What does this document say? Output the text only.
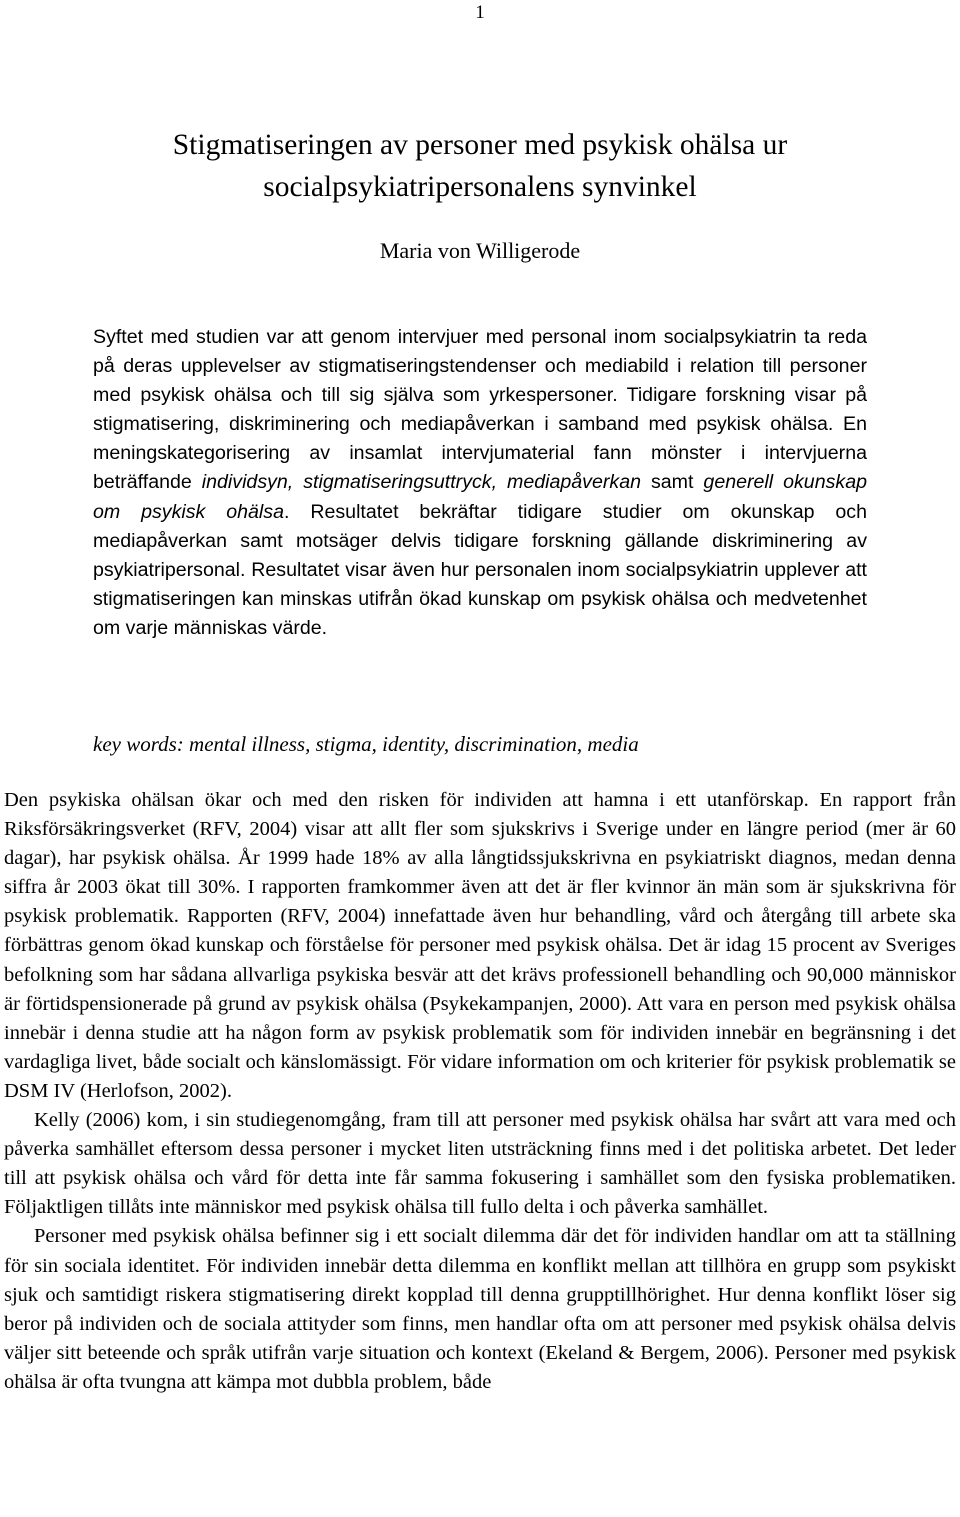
1
Stigmatiseringen av personer med psykisk ohälsa ur
socialpsykiatripersonalens synvinkel
Maria von Willigerode

Syftet med studien var att genom intervjuer med personal inom socialpsykiatrin ta reda på deras upplevelser av stigmatiseringstendenser och mediabild i relation till personer med psykisk ohälsa och till sig själva som yrkespersoner. Tidigare forskning visar på stigmatisering, diskriminering och mediapåverkan i samband med psykisk ohälsa. En meningskategorisering av insamlat intervjumaterial fann mönster i intervjuerna beträffande individsyn, stigmatiseringsuttryck, mediapåverkan samt generell okunskap om psykisk ohälsa. Resultatet bekräftar tidigare studier om okunskap och mediapåverkan samt motsäger delvis tidigare forskning gällande diskriminering av psykiatripersonal. Resultatet visar även hur personalen inom socialpsykiatrin upplever att stigmatiseringen kan minskas utifrån ökad kunskap om psykisk ohälsa och medvetenhet om varje människas värde.

key words: mental illness, stigma, identity, discrimination, media

Den psykiska ohälsan ökar och med den risken för individen att hamna i ett utanförskap. En rapport från Riksförsäkringsverket (RFV, 2004) visar att allt fler som sjukskrivs i Sverige under en längre period (mer är 60 dagar), har psykisk ohälsa. År 1999 hade 18% av alla långtidssjukskrivna en psykiatriskt diagnos, medan denna siffra år 2003 ökat till 30%. I rapporten framkommer även att det är fler kvinnor än män som är sjukskrivna för psykisk problematik. Rapporten (RFV, 2004) innefattade även hur behandling, vård och återgång till arbete ska förbättras genom ökad kunskap och förståelse för personer med psykisk ohälsa. Det är idag 15 procent av Sveriges befolkning som har sådana allvarliga psykiska besvär att det krävs professionell behandling och 90,000 människor är förtidspensionerade på grund av psykisk ohälsa (Psykekampanjen, 2000). Att vara en person med psykisk ohälsa innebär i denna studie att ha någon form av psykisk problematik som för individen innebär en begränsning i det vardagliga livet, både socialt och känslomässigt. För vidare information om och kriterier för psykisk problematik se DSM IV (Herlofson, 2002).

Kelly (2006) kom, i sin studiegenomgång, fram till att personer med psykisk ohälsa har svårt att vara med och påverka samhället eftersom dessa personer i mycket liten utsträckning finns med i det politiska arbetet. Det leder till att psykisk ohälsa och vård för detta inte får samma fokusering i samhället som den fysiska problematiken. Följaktligen tillåts inte människor med psykisk ohälsa till fullo delta i och påverka samhället.

Personer med psykisk ohälsa befinner sig i ett socialt dilemma där det för individen handlar om att ta ställning för sin sociala identitet. För individen innebär detta dilemma en konflikt mellan att tillhöra en grupp som psykiskt sjuk och samtidigt riskera stigmatisering direkt kopplad till denna grupptillhörighet. Hur denna konflikt löser sig beror på individen och de sociala attityder som finns, men handlar ofta om att personer med psykisk ohälsa delvis väljer sitt beteende och språk utifrån varje situation och kontext (Ekeland & Bergem, 2006). Personer med psykisk ohälsa är ofta tvungna att kämpa mot dubbla problem, både
